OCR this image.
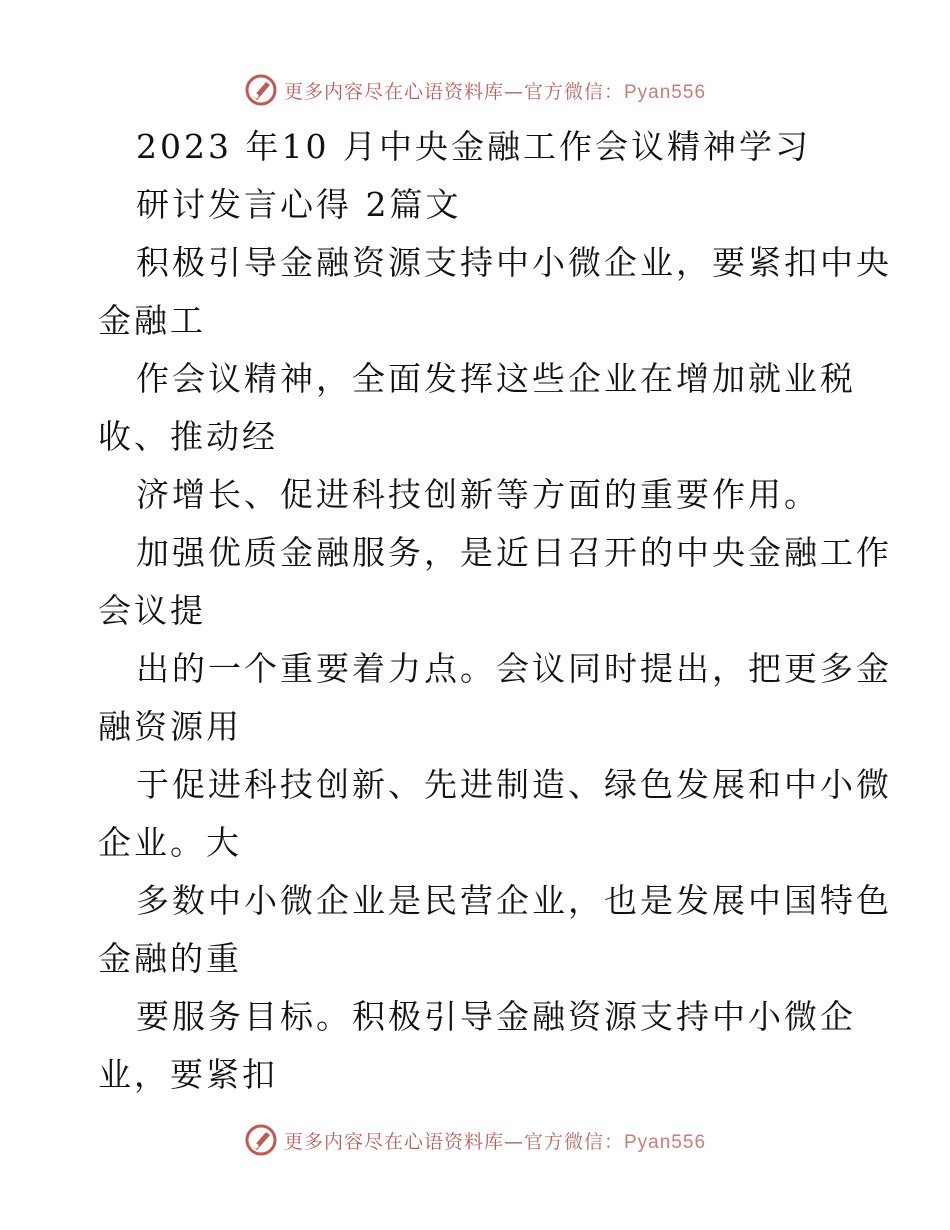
更多内容尽在心语资料库—官方微信：Pyan556
2023 年10 月中央金融工作会议精神学习
研讨发言心得 2篇文
积极引导金融资源支持中小微企业，要紧扣中央
金融工
作会议精神，全面发挥这些企业在增加就业税
收、推动经
济增长、促进科技创新等方面的重要作用。
加强优质金融服务，是近日召开的中央金融工作
会议提
出的一个重要着力点。会议同时提出，把更多金
融资源用
于促进科技创新、先进制造、绿色发展和中小微
企业。大
多数中小微企业是民营企业，也是发展中国特色
金融的重
要服务目标。积极引导金融资源支持中小微企
业，要紧扣
更多内容尽在心语资料库—官方微信：Pyan556
